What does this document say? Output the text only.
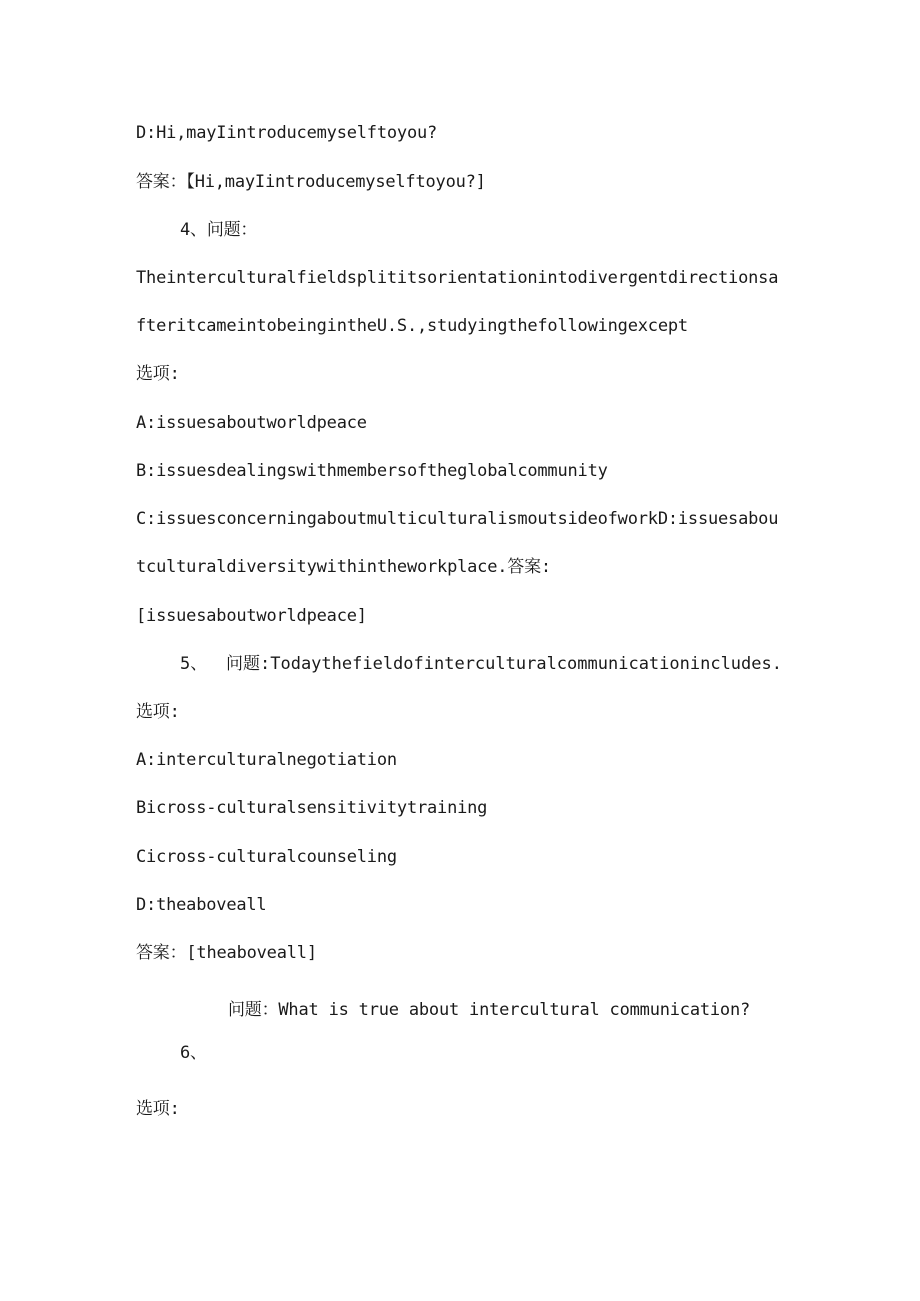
D:Hi,mayIintroducemyselftoyou?
答案：【Hi,mayIintroducemyselftoyou?]
4、问题：
Theinterculturalfieldsplititsorientationintodivergentdirectionsa
fteritcameintobeingintheU.S.,studyingthefollowingexcept
选项:
A:issuesaboutworldpeace
B:issuesdealingswithmembersoftheglobalcommunity
C:issuesconcerningaboutmulticulturalismoutsideofworkD:issuesabou
tculturaldiversitywithintheworkplace.答案:
[issuesaboutworldpeace]
5、 问题:Todaythefieldofinterculturalcommunicationincludes.
选项:
A:interculturalnegotiation
Bicross-culturalsensitivitytraining
Cicross-culturalcounseling
D:theaboveall
答案：[theaboveall]
问题：What is true about intercultural communication?
6、
选项:
